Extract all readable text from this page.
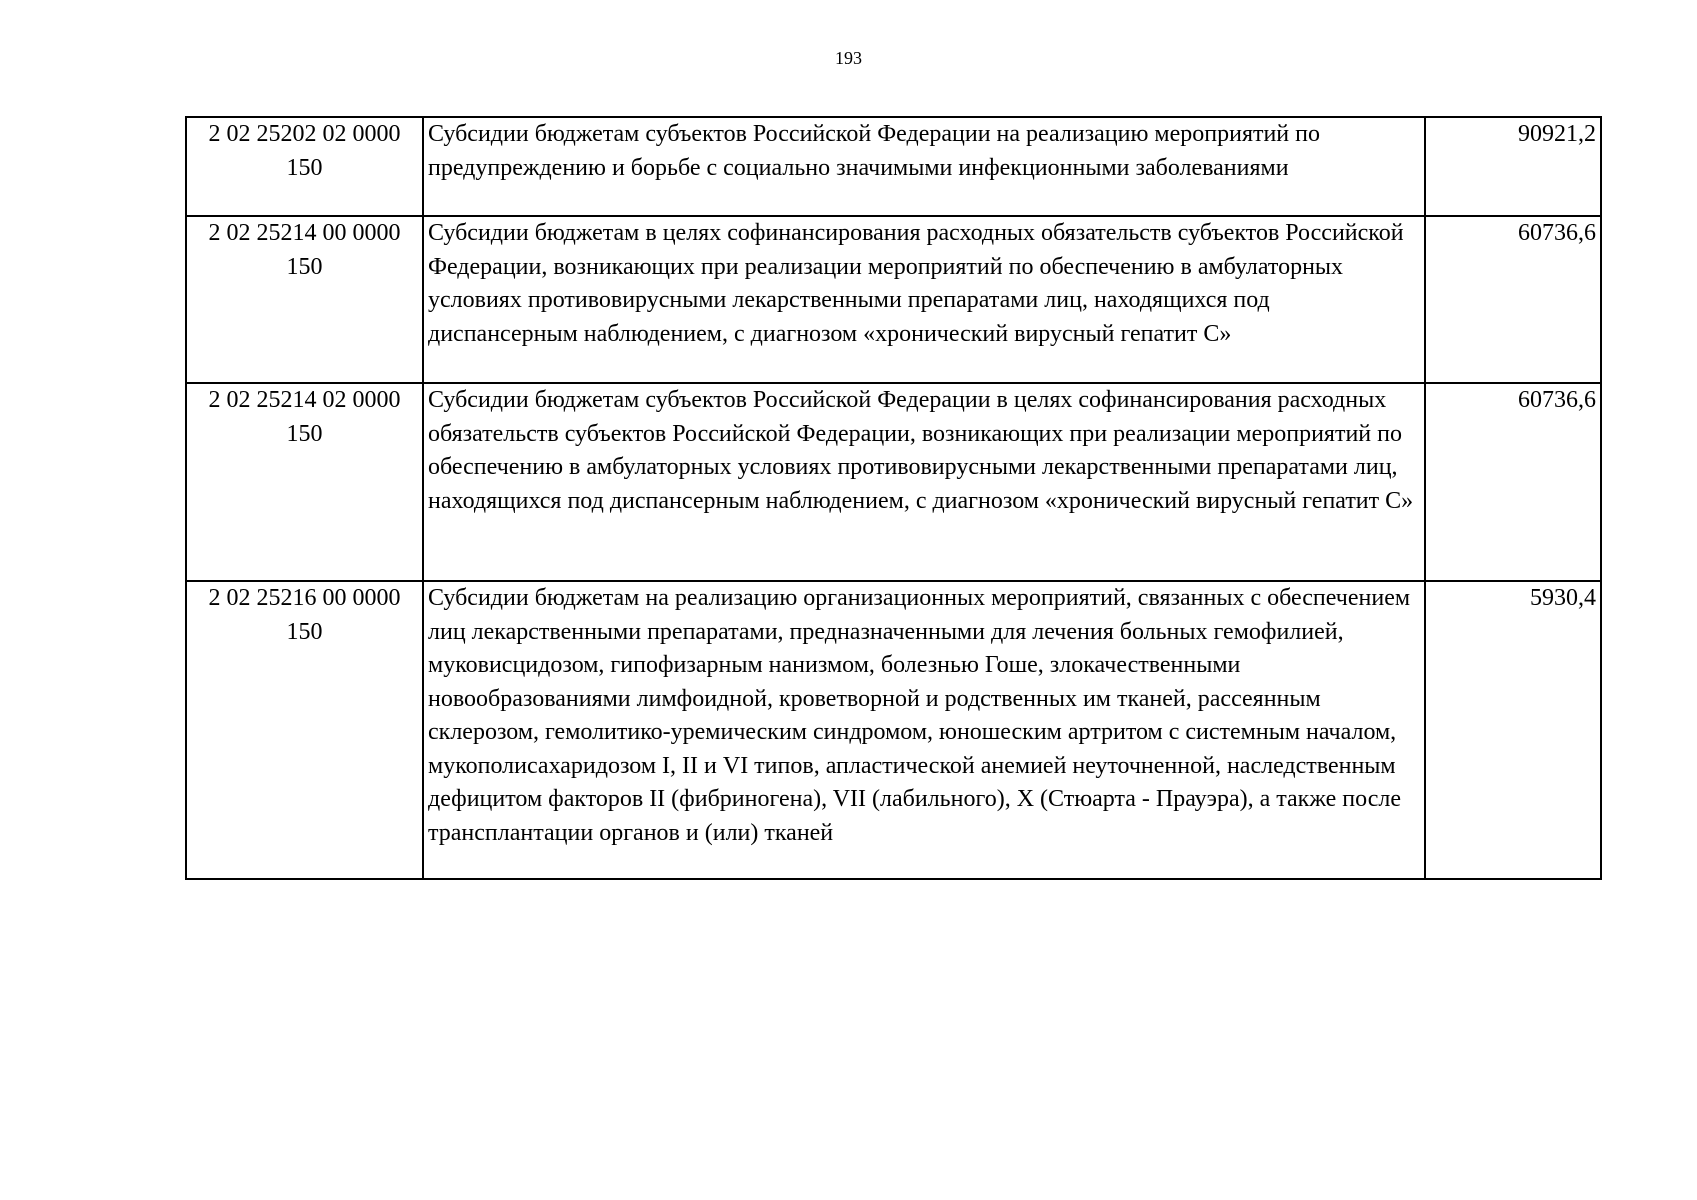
193
2 02 25202 02 0000
150	Субсидии бюджетам субъектов Российской Федерации на реализацию мероприятий по предупреждению и борьбе с социально значимыми инфекционными заболеваниями	90921,2

2 02 25214 00 0000
150	Субсидии бюджетам в целях софинансирования расходных обязательств субъектов Российской Федерации, возникающих при реализации мероприятий по обеспечению в амбулаторных условиях противовирусными лекарственными препаратами лиц, находящихся под диспансерным наблюдением, с диагнозом «хронический вирусный гепатит С»	60736,6

2 02 25214 02 0000
150	Субсидии бюджетам субъектов Российской Федерации в целях софинансирования расходных обязательств субъектов Российской Федерации, возникающих при реализации мероприятий по обеспечению в амбулаторных условиях противовирусными лекарственными препаратами лиц, находящихся под диспансерным наблюдением, с диагнозом «хронический вирусный гепатит С»	60736,6

2 02 25216 00 0000
150	Субсидии бюджетам на реализацию организационных мероприятий, связанных с обеспечением лиц лекарственными препаратами, предназначенными для лечения больных гемофилией, муковисцидозом, гипофизарным нанизмом, болезнью Гоше, злокачественными новообразованиями лимфоидной, кроветворной и родственных им тканей, рассеянным склерозом, гемолитико-уремическим синдромом, юношеским артритом с системным началом, мукополисахаридозом I, II и VI типов, апластической анемией неуточненной, наследственным дефицитом факторов II (фибриногена), VII (лабильного), X (Стюарта - Прауэра), а также после трансплантации органов и (или) тканей	5930,4
